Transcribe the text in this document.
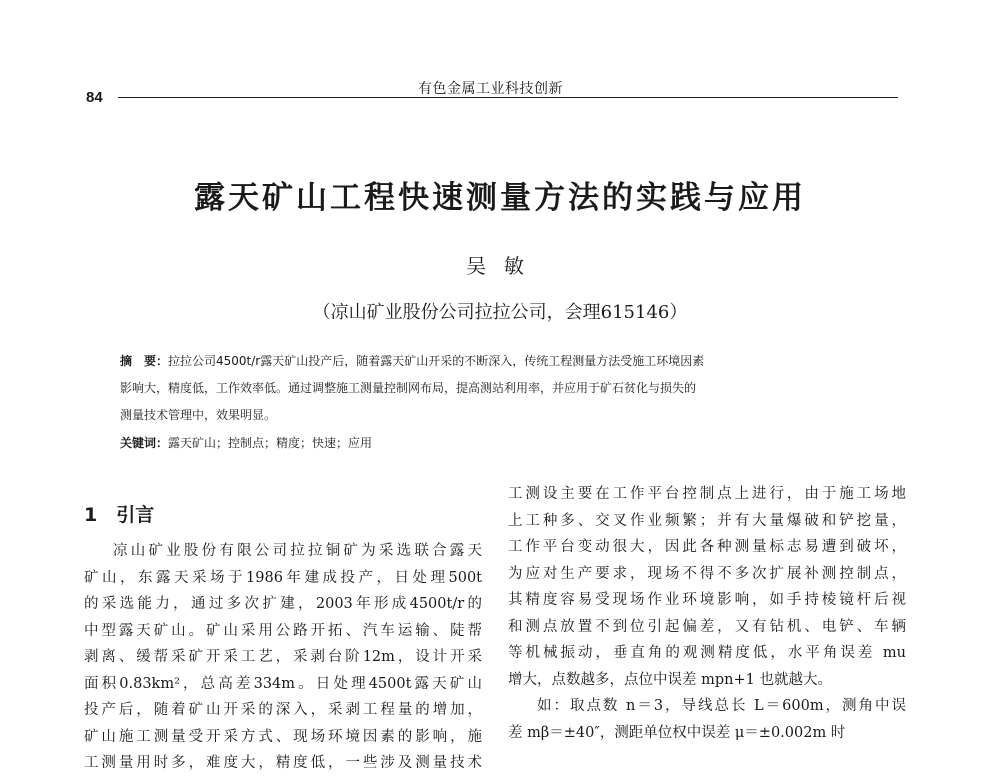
有色金属工业科技创新
84
露天矿山工程快速测量方法的实践与应用
吴敏
（凉山矿业股份公司拉拉公司，会理615146）
摘　要：拉拉公司4500t/r露天矿山投产后，随着露天矿山开采的不断深入，传统工程测量方法受施工环境因素
影响大，精度低，工作效率低。通过调整施工测量控制网布局，提高测站利用率，并应用于矿石贫化与损失的
测量技术管理中，效果明显。
关键词：露天矿山；控制点；精度；快速；应用
1　引言
凉山矿业股份有限公司拉拉铜矿为采选联合露天
矿山，东露天采场于1986年建成投产，日处理500t
的采选能力，通过多次扩建，2003年形成4500t/r的
中型露天矿山。矿山采用公路开拓、汽车运输、陡帮
剥离、缓帮采矿开采工艺，采剥台阶12m，设计开采
面积0.83km²，总高差334m。日处理4500t露天矿山
投产后，随着矿山开采的深入，采剥工程量的增加，
矿山施工测量受开采方式、现场环境因素的影响，施
工测量用时多，难度大，精度低，一些涉及测量技术
工测设主要在工作平台控制点上进行，由于施工场地
上工种多、交叉作业频繁；并有大量爆破和铲挖量，
工作平台变动很大，因此各种测量标志易遭到破坏，
为应对生产要求，现场不得不多次扩展补测控制点，
其精度容易受现场作业环境影响，如手持棱镜杆后视
和测点放置不到位引起偏差，又有钻机、电铲、车辆
等机械振动，垂直角的观测精度低，水平角误差 mu
增大，点数越多，点位中误差 mpn+1 也就越大。
如：取点数 n＝3，导线总长 L＝600m，测角中误
差 mβ＝±40″，测距单位权中误差 μ＝±0.002m 时
